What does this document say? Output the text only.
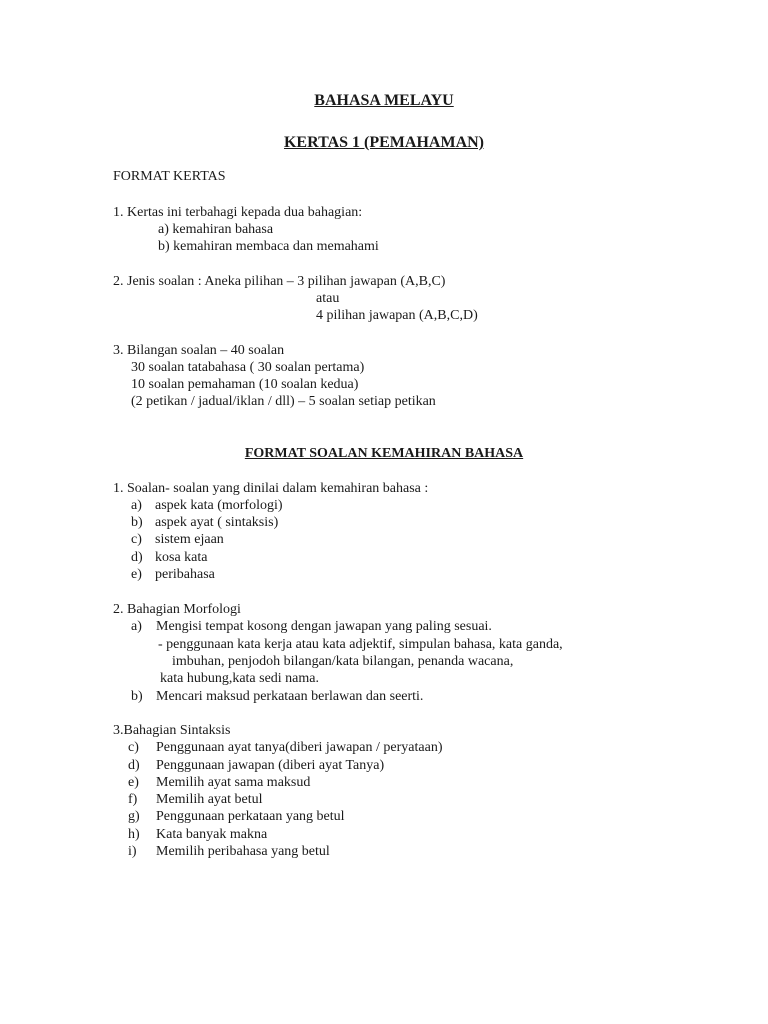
BAHASA MELAYU
KERTAS 1 (PEMAHAMAN)
FORMAT KERTAS
1. Kertas ini terbahagi kepada dua bahagian:
a) kemahiran bahasa
b) kemahiran membaca dan memahami
2. Jenis soalan : Aneka pilihan – 3 pilihan jawapan (A,B,C)
atau
4 pilihan jawapan (A,B,C,D)
3. Bilangan soalan – 40 soalan
30 soalan tatabahasa ( 30 soalan pertama)
10 soalan pemahaman (10 soalan kedua)
(2 petikan / jadual/iklan / dll) – 5 soalan setiap petikan
FORMAT SOALAN KEMAHIRAN BAHASA
1. Soalan- soalan yang dinilai dalam kemahiran bahasa :
a) aspek kata (morfologi)
b) aspek ayat ( sintaksis)
c) sistem ejaan
d) kosa kata
e) peribahasa
2. Bahagian Morfologi
a) Mengisi tempat kosong dengan jawapan yang paling sesuai.
- penggunaan kata kerja atau kata adjektif, simpulan bahasa, kata ganda,
imbuhan, penjodoh bilangan/kata bilangan, penanda wacana,
kata hubung,kata sedi nama.
b) Mencari maksud perkataan berlawan dan seerti.
3.Bahagian Sintaksis
c) Penggunaan ayat tanya(diberi jawapan / peryataan)
d) Penggunaan jawapan (diberi ayat Tanya)
e) Memilih ayat sama maksud
f) Memilih ayat betul
g) Penggunaan perkataan yang betul
h) Kata banyak makna
i) Memilih peribahasa yang betul
